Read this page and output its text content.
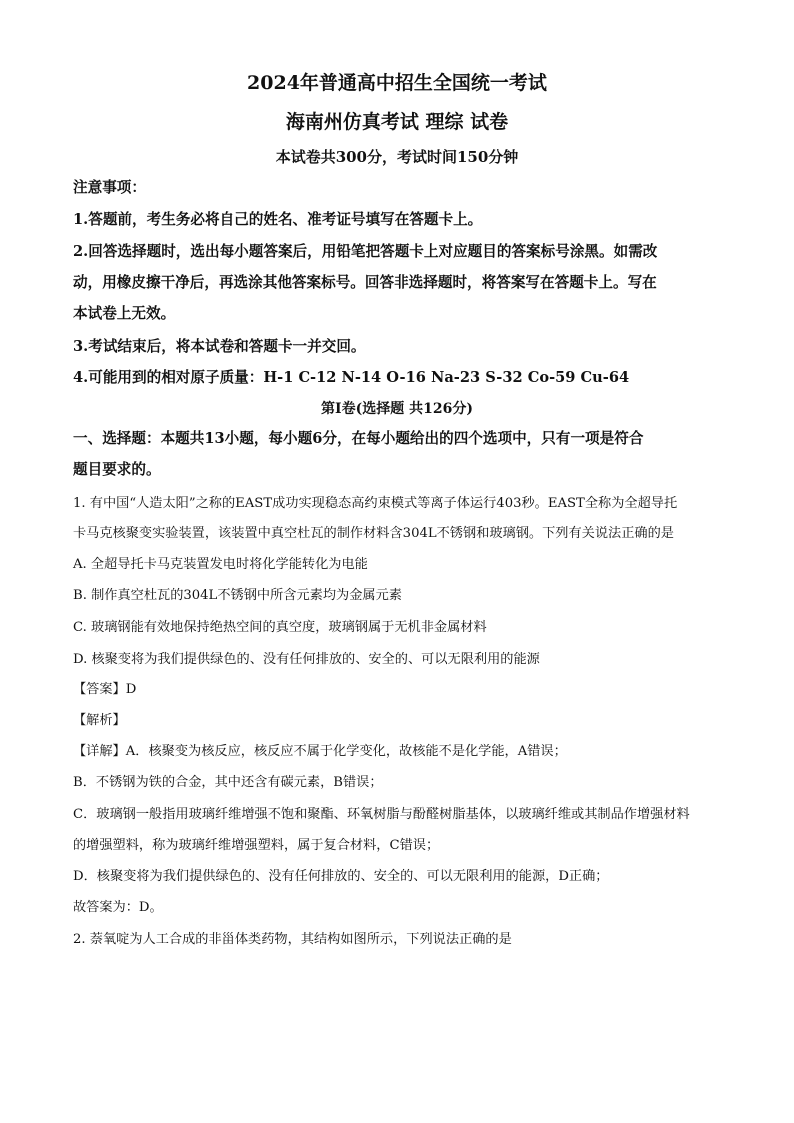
2024年普通高中招生全国统一考试
海南州仿真考试 理综 试卷
本试卷共300分，考试时间150分钟
注意事项：
1.答题前，考生务必将自己的姓名、准考证号填写在答题卡上。
2.回答选择题时，选出每小题答案后，用铅笔把答题卡上对应题目的答案标号涂黑。如需改
动，用橡皮擦干净后，再选涂其他答案标号。回答非选择题时，将答案写在答题卡上。写在
本试卷上无效。
3.考试结束后，将本试卷和答题卡一并交回。
4.可能用到的相对原子质量：H-1 C-12 N-14 O-16 Na-23 S-32 Co-59 Cu-64
第I卷(选择题 共126分)
一、选择题：本题共13小题，每小题6分，在每小题给出的四个选项中，只有一项是符合
题目要求的。
1. 有中国“人造太阳”之称的EAST成功实现稳态高约束模式等离子体运行403秒。EAST全称为全超导托
卡马克核聚变实验装置，该装置中真空杜瓦的制作材料含304L不锈钢和玻璃钢。下列有关说法正确的是
A. 全超导托卡马克装置发电时将化学能转化为电能
B. 制作真空杜瓦的304L不锈钢中所含元素均为金属元素
C. 玻璃钢能有效地保持绝热空间的真空度，玻璃钢属于无机非金属材料
D. 核聚变将为我们提供绿色的、没有任何排放的、安全的、可以无限利用的能源
【答案】D
【解析】
【详解】A．核聚变为核反应，核反应不属于化学变化，故核能不是化学能，A错误；
B．不锈钢为铁的合金，其中还含有碳元素，B错误；
C．玻璃钢一般指用玻璃纤维增强不饱和聚酯、环氧树脂与酚醛树脂基体，以玻璃纤维或其制品作增强材料
的增强塑料，称为玻璃纤维增强塑料，属于复合材料，C错误；
D．核聚变将为我们提供绿色的、没有任何排放的、安全的、可以无限利用的能源，D正确；
故答案为：D。
2. 萘氧啶为人工合成的非甾体类药物，其结构如图所示，下列说法正确的是
